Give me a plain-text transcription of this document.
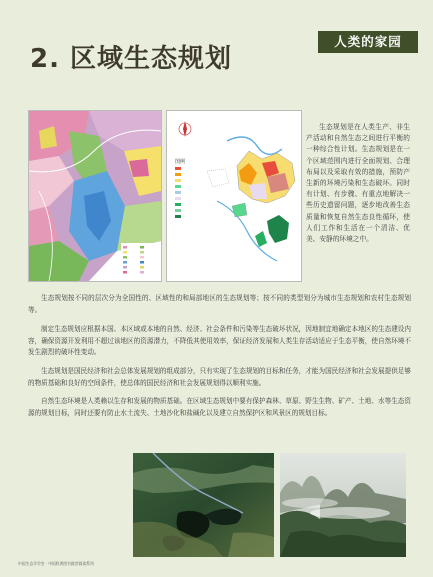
人类的家园
2. 区域生态规划
图例

生态规划是在人类生产、非生产活动和自然生态之间进行平衡的一种综合性计划。生态规划是在一个区域范围内进行全面规划、合理布局以及采取有效的措施，预防产生新的环境污染和生态破坏。同时有计划、有步骤、有重点地解决一些历史遗留问题，逐步地改善生态质量和恢复自然生态良性循环，使人们工作和生活在一个清洁、优美、安静的环境之中。

生态规划按不同的层次分为全国性的、区域性的和局部地区的生态规划等；按不同的类型划分为城市生态规划和农村生态规划等。

制定生态规划应根据本国、本区域或本地的自然、经济、社会条件和污染等生态破坏状况，因地制宜地确定本地区的生态建设内容，确保资源开发利用不超过该地区的资源潜力，不降低其使用效率，保证经济发展和人类生存活动适应于生态平衡，使自然环境不发生剧烈的破坏性变动。

生态规划是国民经济和社会总体发展规划的组成部分，只有实现了生态规划的目标和任务，才能为国民经济和社会发展提供足够的物质基础和良好的空间条件，使总体的国民经济和社会发展规划得以顺利实施。

自然生态环境是人类赖以生存和发展的物质基础。在区域生态规划中要有保护森林、草原、野生生物、矿产、土地、水等生态资源的规划目标，同时还要有防止水土流失、土地沙化和盐碱化以及建立自然保护区和风景区的规划目标。

中国生态学学会 · 中国科普图书推荐阅读系列
